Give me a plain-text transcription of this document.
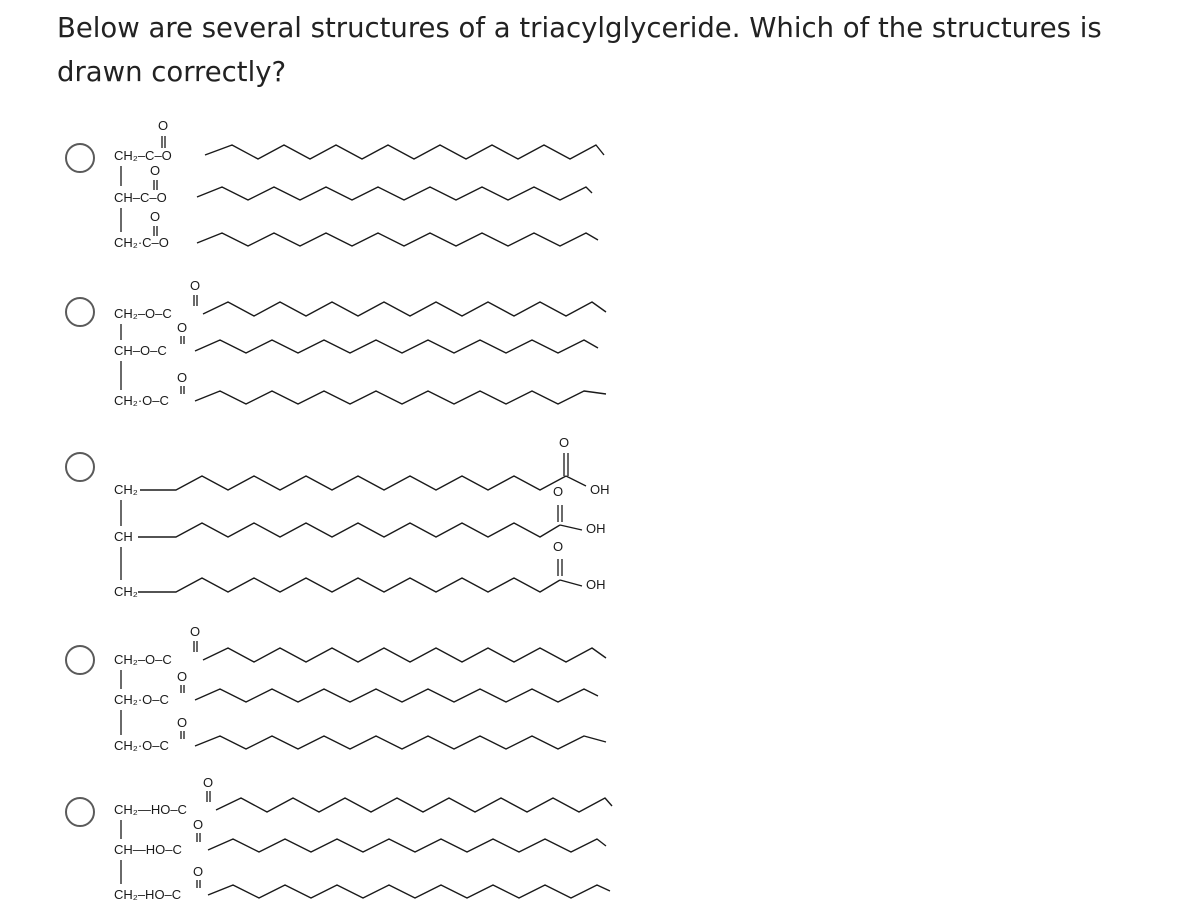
Below are several structures of a triacylglyceride. Which of the structures is drawn correctly?
CH₂–C–O
O
CH–C–O
O
CH₂·C–O
O
CH₂–O–C
O
CH–O–C
O
CH₂·O–C
O
CH₂
CH
CH₂
O
OH
O
OH
O
OH
CH₂–O–C
O
CH₂·O–C
O
CH₂·O–C
O
CH₂—HO–C
O
CH—HO–C
O
CH₂–HO–C
O
